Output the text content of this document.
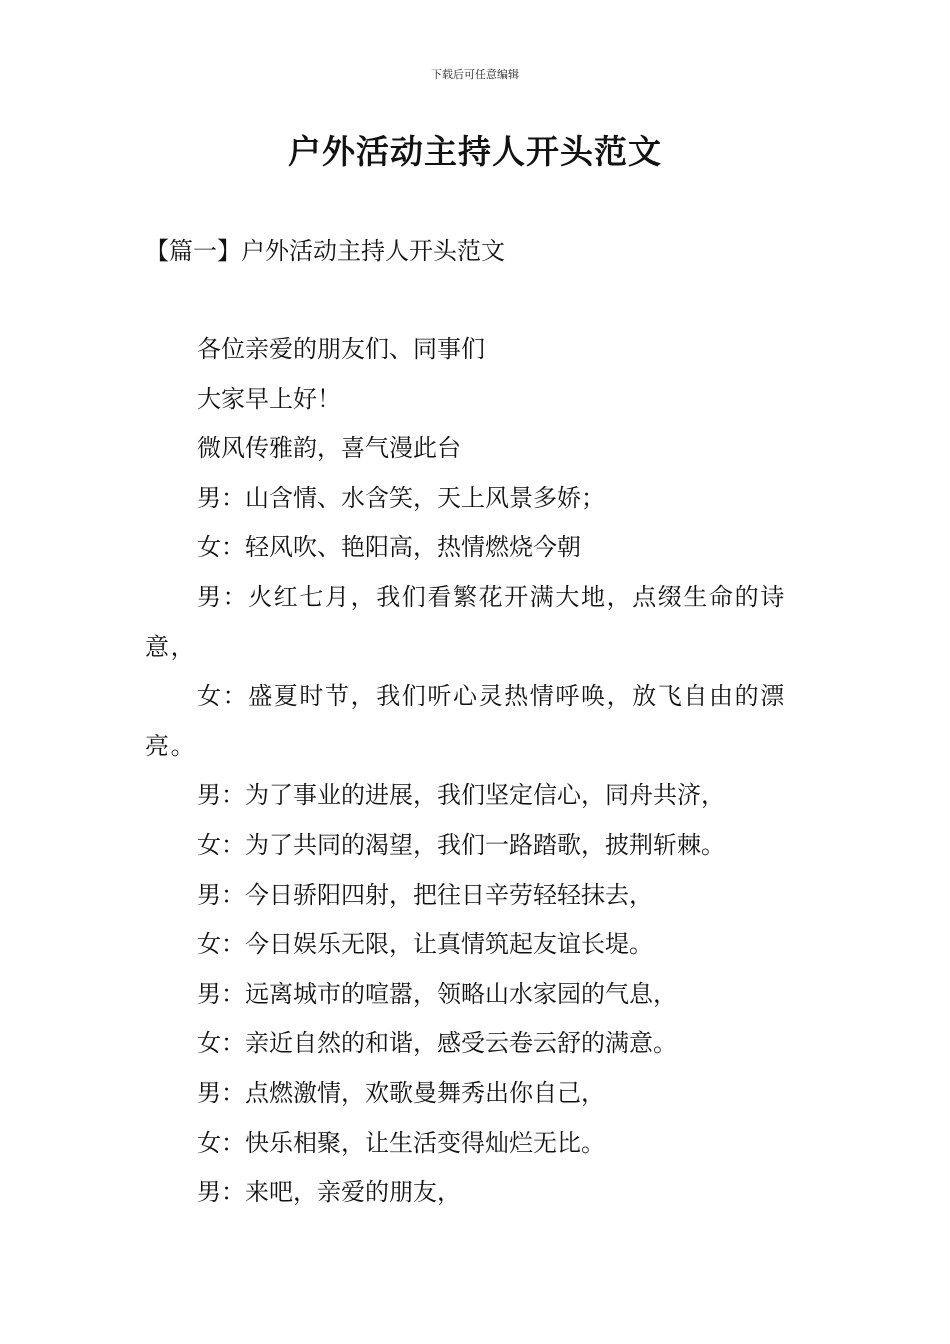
下载后可任意编辑
户外活动主持人开头范文
【篇一】户外活动主持人开头范文

各位亲爱的朋友们、同事们

大家早上好！

微风传雅韵，喜气漫此台

男：山含情、水含笑，天上风景多娇；

女：轻风吹、艳阳高，热情燃烧今朝

男：火红七月，我们看繁花开满大地，点缀生命的诗意，

女：盛夏时节，我们听心灵热情呼唤，放飞自由的漂亮。

男：为了事业的进展，我们坚定信心，同舟共济，

女：为了共同的渴望，我们一路踏歌，披荆斩棘。

男：今日骄阳四射，把往日辛劳轻轻抹去，

女：今日娱乐无限，让真情筑起友谊长堤。

男：远离城市的喧嚣，领略山水家园的气息，

女：亲近自然的和谐，感受云卷云舒的满意。

男：点燃激情，欢歌曼舞秀出你自己，

女：快乐相聚，让生活变得灿烂无比。

男：来吧，亲爱的朋友，
